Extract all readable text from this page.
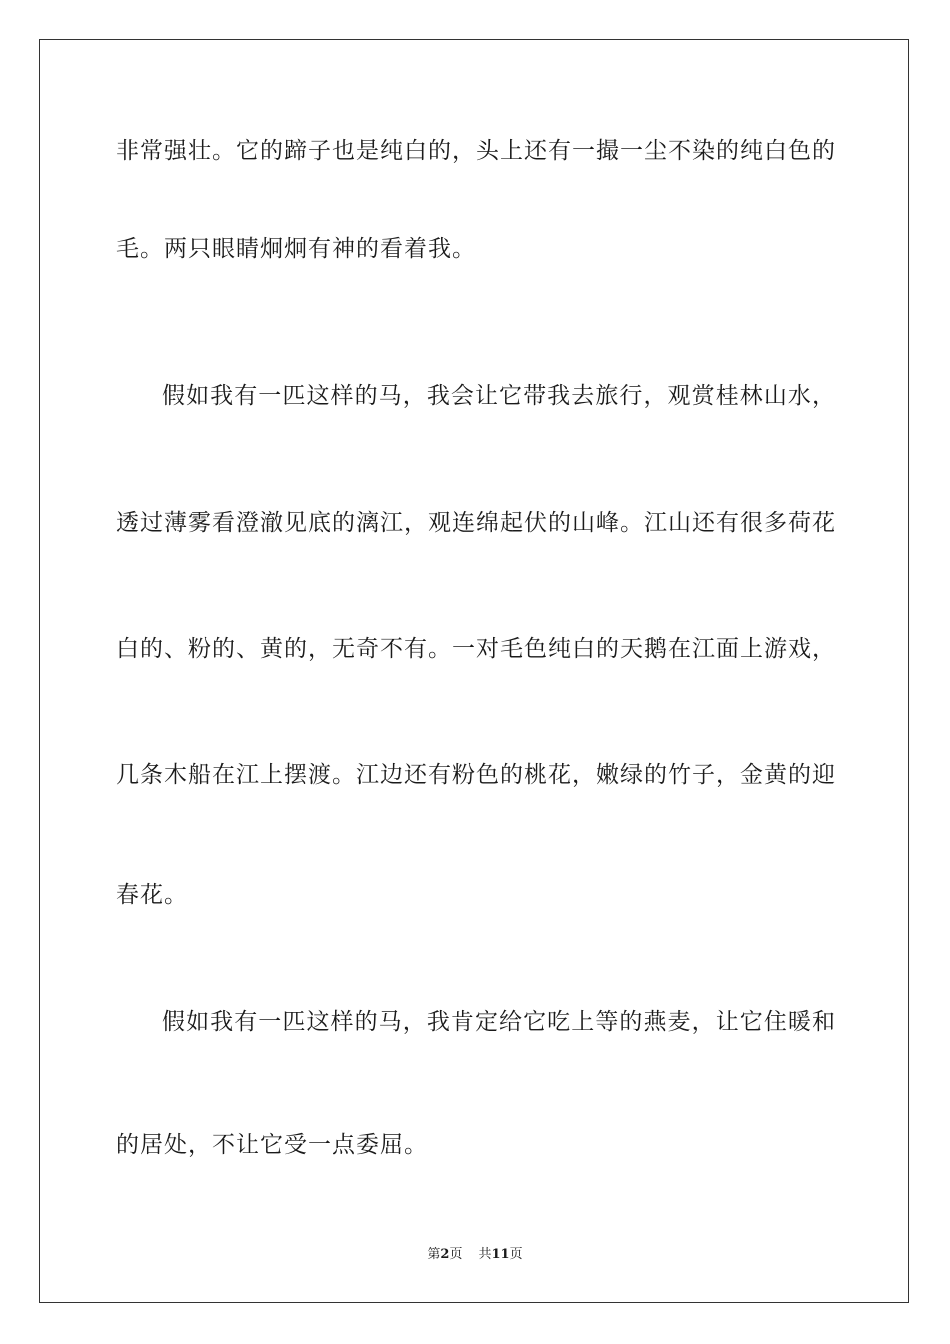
非常强壮。它的蹄子也是纯白的，头上还有一撮一尘不染的纯白色的
毛。两只眼睛炯炯有神的看着我。
假如我有一匹这样的马，我会让它带我去旅行，观赏桂林山水，
透过薄雾看澄澈见底的漓江，观连绵起伏的山峰。江山还有很多荷花
白的、粉的、黄的，无奇不有。一对毛色纯白的天鹅在江面上游戏，
几条木船在江上摆渡。江边还有粉色的桃花，嫩绿的竹子，金黄的迎
春花。
假如我有一匹这样的马，我肯定给它吃上等的燕麦，让它住暖和
的居处，不让它受一点委屈。
第2页 共11页
